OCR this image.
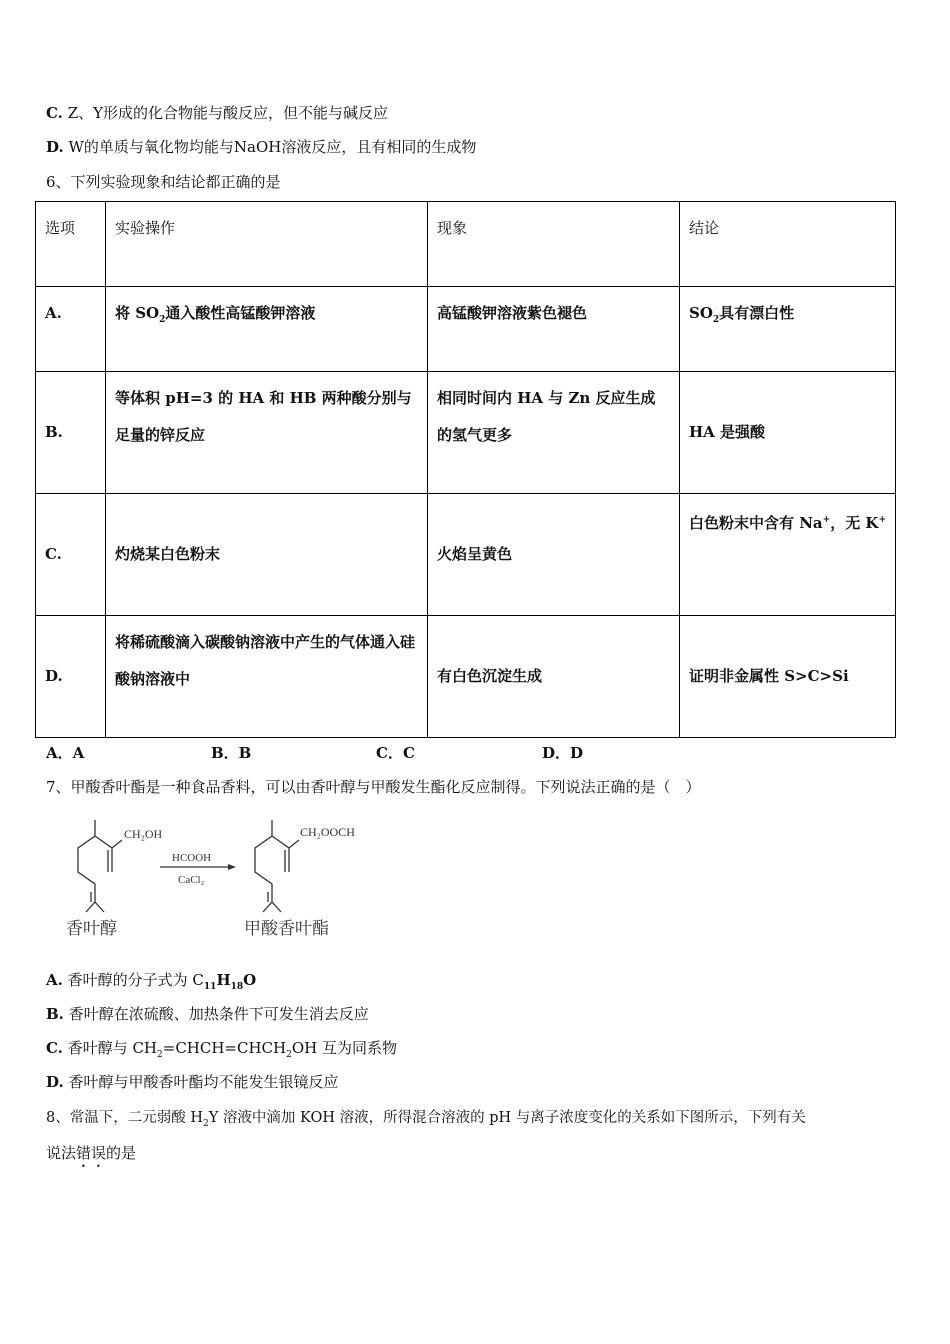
C. Z、Y形成的化合物能与酸反应，但不能与碱反应
D. W的单质与氧化物均能与NaOH溶液反应，且有相同的生成物
6、下列实验现象和结论都正确的是
选项	实验操作	现象	结论
A.	将 $SO_2$通入酸性高锰酸钾溶液	高锰酸钾溶液紫色褪色	$SO_2$具有漂白性
B.	等体积 pH=3 的 HA 和 HB 两种酸分别与足量的锌反应	相同时间内 HA 与 Zn 反应生成的氢气更多	HA 是强酸
C.	灼烧某白色粉末	火焰呈黄色	白色粉末中含有 Na+，无 K+
D.	将稀硫酸滴入碳酸钠溶液中产生的气体通入硅酸钠溶液中	有白色沉淀生成	证明非金属性 S>C>Si
A．A	B．B	C．C	D．D
7、甲酸香叶酯是一种食品香料，可以由香叶醇与甲酸发生酯化反应制得。下列说法正确的是（　）
CH₂OH
HCOOH
CaCl₂
CH₂OOCH
香叶醇	甲酸香叶酯
A. 香叶醇的分子式为 $C_{11}H_{18}O$
B. 香叶醇在浓硫酸、加热条件下可发生消去反应
C. 香叶醇与 $CH_2=CHCH=CHCH_2OH$ 互为同系物
D. 香叶醇与甲酸香叶酯均不能发生银镜反应
8、常温下，二元弱酸 $H_2Y$ 溶液中滴加 KOH 溶液，所得混合溶液的 pH 与离子浓度变化的关系如下图所示，下列有关
说法错误的是
